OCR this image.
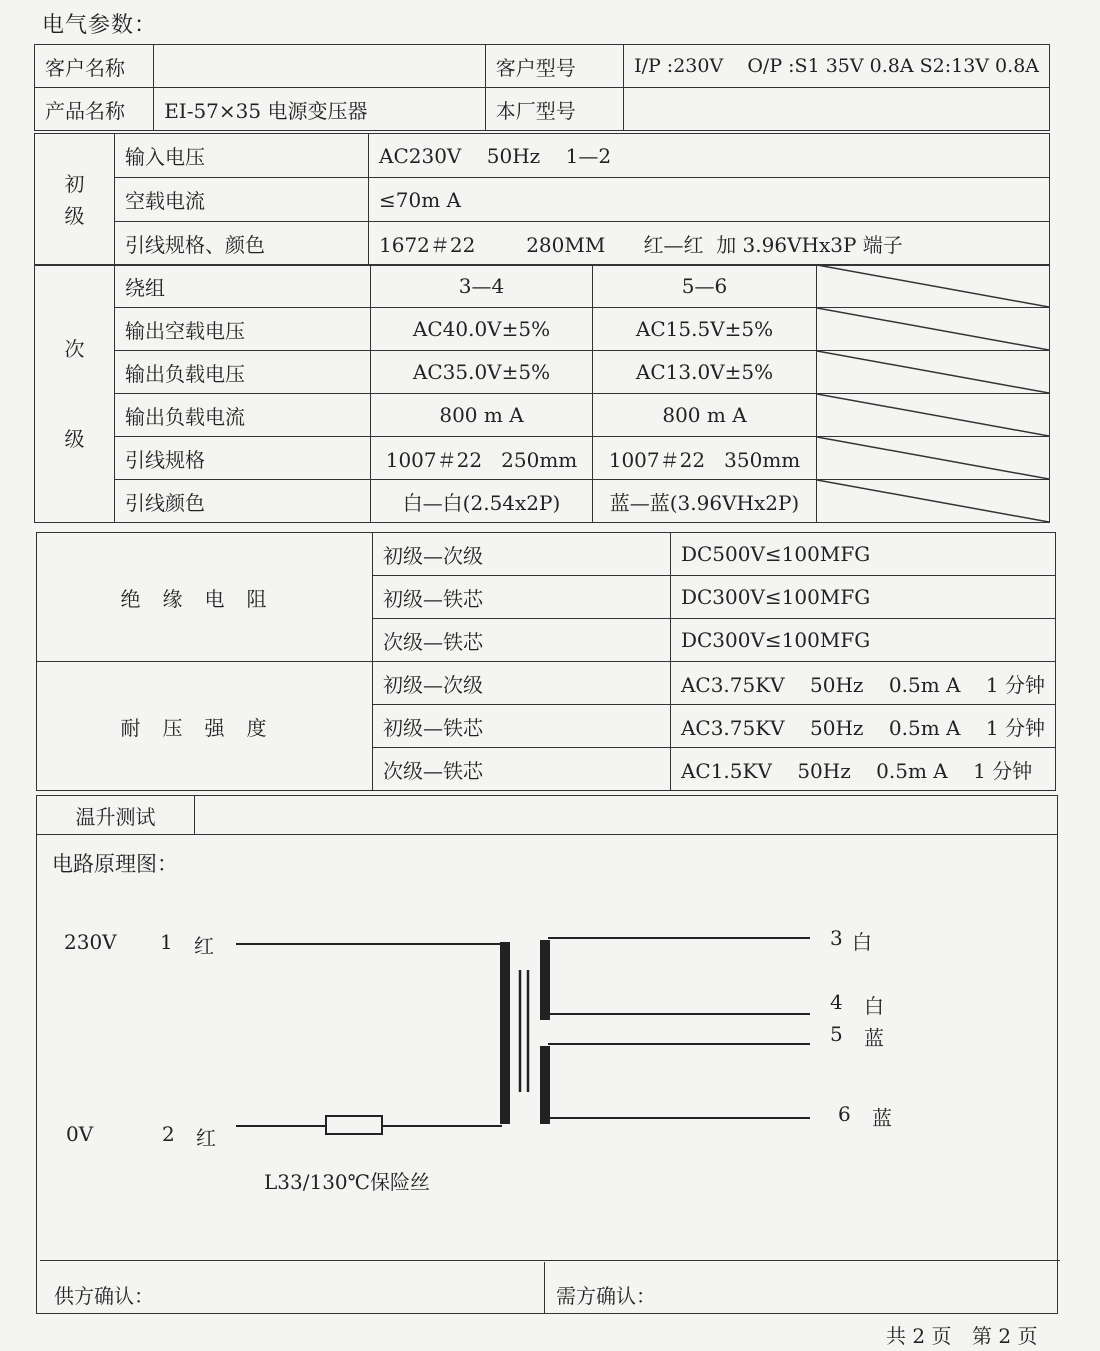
电气参数：
客户名称		客户型号	I/P :230V    O/P :S1 35V 0.8A S2:13V 0.8A
产品名称	EI-57×35 电源变压器	本厂型号	
初级	输入电压	AC230V    50Hz    1—2
	空载电流	≤70m A
	引线规格、颜色	1672＃22        280MM      红—红  加 3.96VHx3P 端子
次级	绕组	3—4	5—6	

	输出空载电压	AC40.0V±5%	AC15.5V±5%	

	输出负载电压	AC35.0V±5%	AC13.0V±5%	

	输出负载电流	800 m A	800 m A	

	引线规格	1007＃22   250mm	1007＃22   350mm	

	引线颜色	白—白(2.54x2P)	蓝—蓝(3.96VHx2P)	
绝缘电阻	初级—次级	DC500V≤100MFG
	初级—铁芯	DC300V≤100MFG
	次级—铁芯	DC300V≤100MFG
耐压强度	初级—次级	AC3.75KV    50Hz    0.5m A    1 分钟
	初级—铁芯	AC3.75KV    50Hz    0.5m A    1 分钟
	次级—铁芯	AC1.5KV    50Hz    0.5m A    1 分钟
温升测试	
电路原理图：
230V 1 红
0V	2 红
L33/130℃保险丝
3 白
4 白
5 蓝
6 蓝
供方确认：	需方确认：
共 2 页 第 2 页
